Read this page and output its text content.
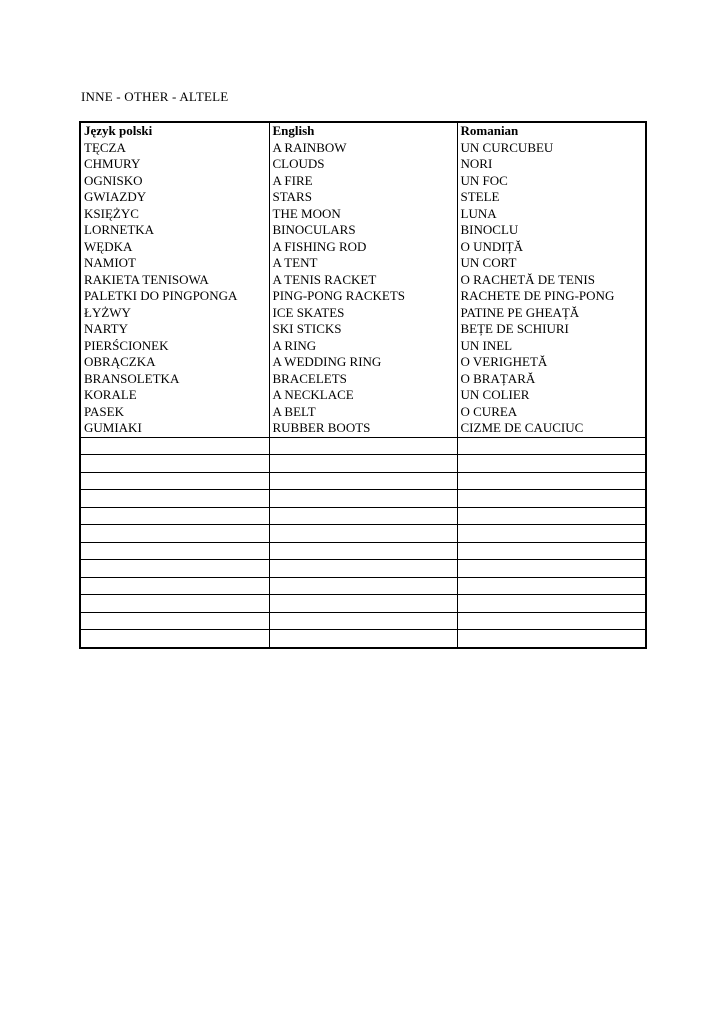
INNE - OTHER - ALTELE
Język polski	English	Romanian
TĘCZA	A RAINBOW	UN CURCUBEU
CHMURY	CLOUDS	NORI
OGNISKO	A FIRE	UN FOC
GWIAZDY	STARS	STELE
KSIĘŻYC	THE MOON	LUNA
LORNETKA	BINOCULARS	BINOCLU
WĘDKA	A FISHING ROD	O UNDIȚĂ
NAMIOT	A TENT	UN CORT
RAKIETA TENISOWA	A TENIS RACKET	O RACHETĂ DE TENIS
PALETKI DO PINGPONGA	PING-PONG RACKETS	RACHETE DE PING-PONG
ŁYŻWY	ICE SKATES	PATINE PE GHEAȚĂ
NARTY	SKI STICKS	BEȚE DE SCHIURI
PIERŚCIONEK	A RING	UN INEL
OBRĄCZKA	A WEDDING RING	O VERIGHETĂ
BRANSOLETKA	BRACELETS	O BRAȚARĂ
KORALE	A NECKLACE	UN COLIER
PASEK	A BELT	O CUREA
GUMIAKI	RUBBER BOOTS	CIZME DE CAUCIUC
